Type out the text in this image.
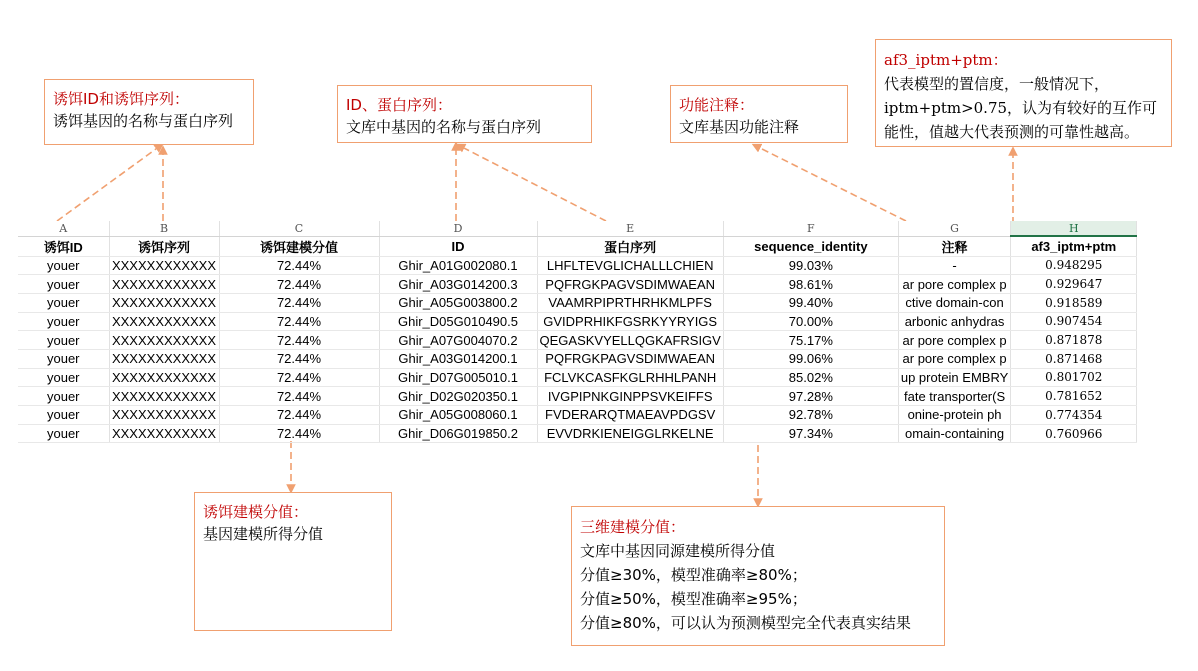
诱饵ID和诱饵序列：
诱饵基因的名称与蛋白序列
ID、蛋白序列：
文库中基因的名称与蛋白序列
功能注释：
文库基因功能注释
af3_iptm+ptm：
代表模型的置信度，一般情况下，
iptm+ptm>0.75，认为有较好的互作可
能性，值越大代表预测的可靠性越高。
诱饵建模分值：
基因建模所得分值	三维建模分值：
文库中基因同源建模所得分值
分值≥30%，模型准确率≥80%；
分值≥50%，模型准确率≥95%；
分值≥80%，可以认为预测模型完全代表真实结果
A	B	C	D	E	F	G	H
诱饵ID	诱饵序列	诱饵建模分值	ID	蛋白序列	sequence_identity	注释	af3_iptm+ptm
youer	XXXXXXXXXXXX	72.44%	Ghir_A01G002080.1	LHFLTEVGLICHALLLCHIEN	99.03%	-	0.948295
youer	XXXXXXXXXXXX	72.44%	Ghir_A03G014200.3	PQFRGKPAGVSDIMWAEAN	98.61%	ar pore complex p	0.929647
youer	XXXXXXXXXXXX	72.44%	Ghir_A05G003800.2	VAAMRPIPRTHRHKMLPFS	99.40%	ctive domain-con	0.918589
youer	XXXXXXXXXXXX	72.44%	Ghir_D05G010490.5	GVIDPRHIKFGSRKYYRYIGS	70.00%	arbonic anhydras	0.907454
youer	XXXXXXXXXXXX	72.44%	Ghir_A07G004070.2	QEGASKVYELLQGKAFRSIGV	75.17%	ar pore complex p	0.871878
youer	XXXXXXXXXXXX	72.44%	Ghir_A03G014200.1	PQFRGKPAGVSDIMWAEAN	99.06%	ar pore complex p	0.871468
youer	XXXXXXXXXXXX	72.44%	Ghir_D07G005010.1	FCLVKCASFKGLRHHLPANH	85.02%	up protein EMBRY	0.801702
youer	XXXXXXXXXXXX	72.44%	Ghir_D02G020350.1	IVGPIPNKGINPPSVKEIFFS	97.28%	fate transporter(S	0.781652
youer	XXXXXXXXXXXX	72.44%	Ghir_A05G008060.1	FVDERARQTMAEAVPDGSV	92.78%	onine-protein ph	0.774354
youer	XXXXXXXXXXXX	72.44%	Ghir_D06G019850.2	EVVDRKIENEIGGLRKELNE	97.34%	omain-containing	0.760966
